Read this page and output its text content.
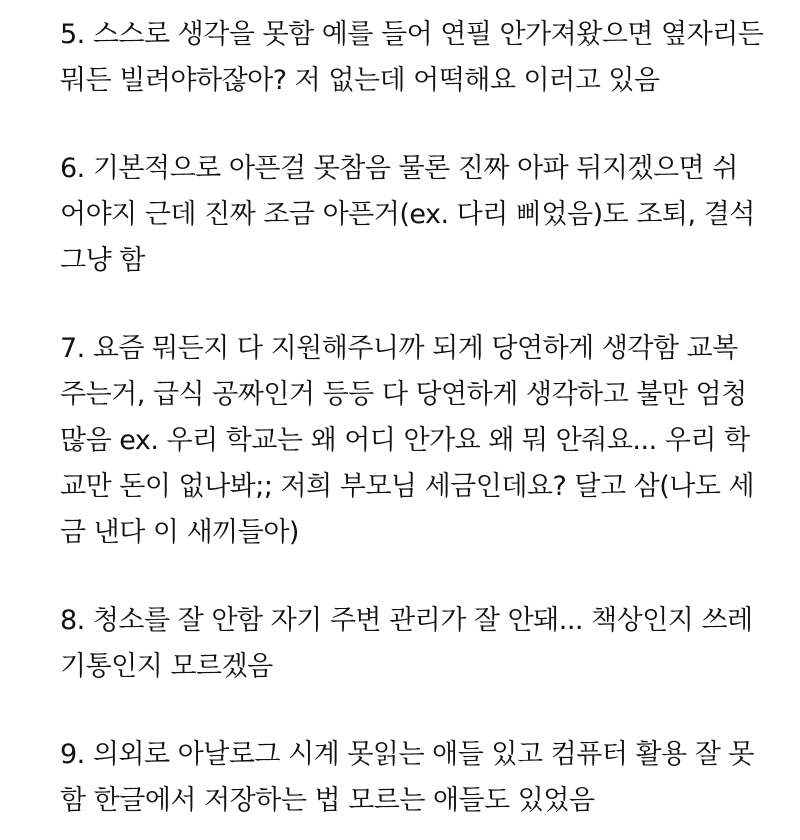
5. 스스로 생각을 못함 예를 들어 연필 안가져왔으면 옆자리든
뭐든 빌려야하잖아? 저 없는데 어떡해요 이러고 있음
6. 기본적으로 아픈걸 못참음 물론 진짜 아파 뒤지겠으면 쉬
어야지 근데 진짜 조금 아픈거(ex. 다리 삐었음)도 조퇴, 결석
그냥 함
7. 요즘 뭐든지 다 지원해주니까 되게 당연하게 생각함 교복
주는거, 급식 공짜인거 등등 다 당연하게 생각하고 불만 엄청
많음 ex. 우리 학교는 왜 어디 안가요 왜 뭐 안줘요... 우리 학
교만 돈이 없나봐;; 저희 부모님 세금인데요? 달고 삼(나도 세
금 낸다 이 새끼들아)
8. 청소를 잘 안함 자기 주변 관리가 잘 안돼... 책상인지 쓰레
기통인지 모르겠음
9. 의외로 아날로그 시계 못읽는 애들 있고 컴퓨터 활용 잘 못
함 한글에서 저장하는 법 모르는 애들도 있었음
